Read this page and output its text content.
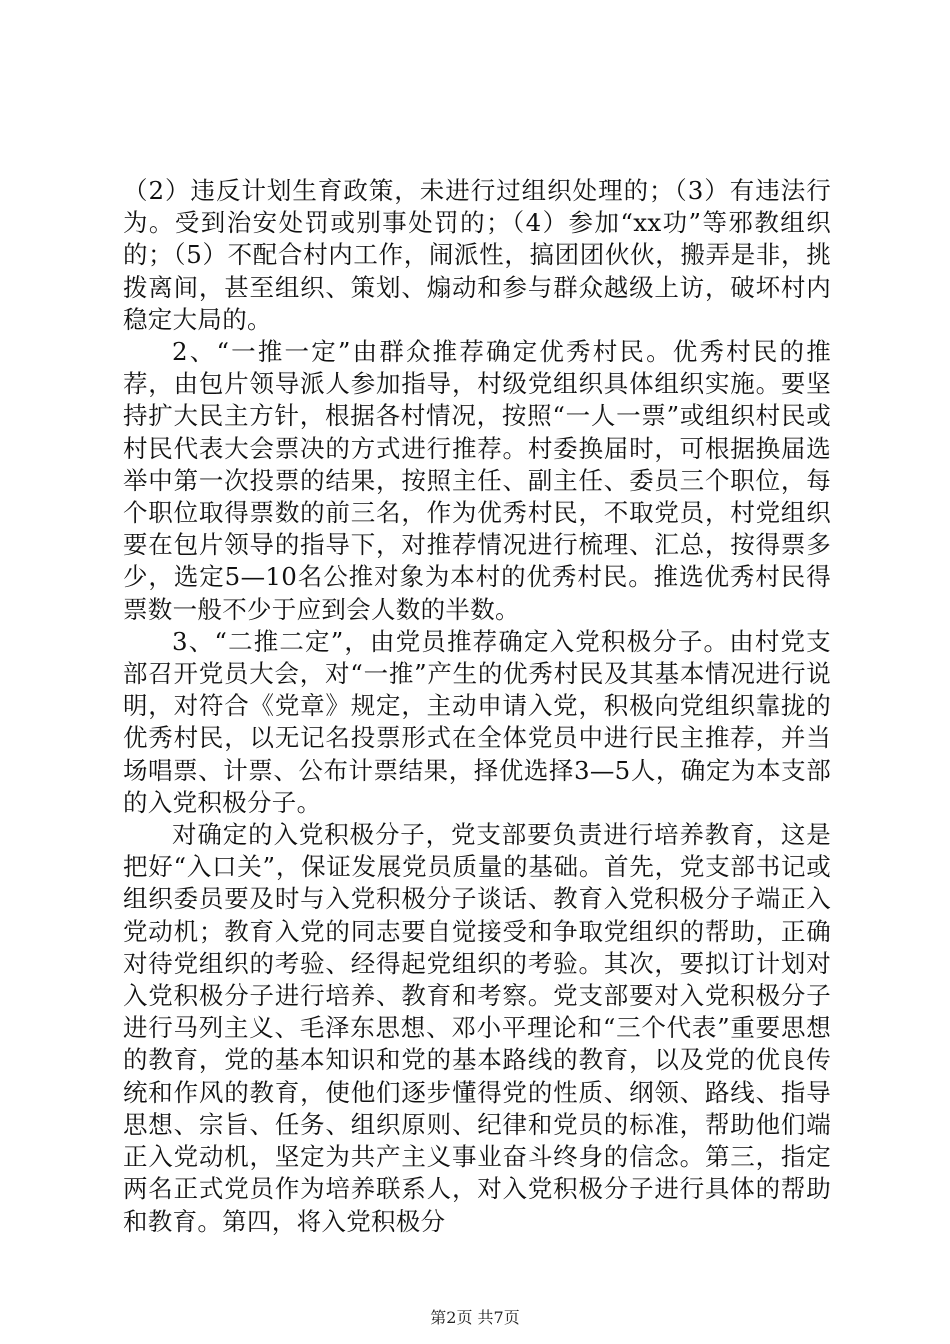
（2）违反计划生育政策，未进行过组织处理的；（3）有违法行为。受到治安处罚或别事处罚的；（4）参加“xx功”等邪教组织的；（5）不配合村内工作，闹派性，搞团团伙伙，搬弄是非，挑拨离间，甚至组织、策划、煽动和参与群众越级上访，破坏村内稳定大局的。

2、“一推一定”由群众推荐确定优秀村民。优秀村民的推荐，由包片领导派人参加指导，村级党组织具体组织实施。要坚持扩大民主方针，根据各村情况，按照“一人一票”或组织村民或村民代表大会票决的方式进行推荐。村委换届时，可根据换届选举中第一次投票的结果，按照主任、副主任、委员三个职位，每个职位取得票数的前三名，作为优秀村民，不取党员，村党组织要在包片领导的指导下，对推荐情况进行梳理、汇总，按得票多少，选定5—10名公推对象为本村的优秀村民。推选优秀村民得票数一般不少于应到会人数的半数。

3、“二推二定”，由党员推荐确定入党积极分子。由村党支部召开党员大会，对“一推”产生的优秀村民及其基本情况进行说明，对符合《党章》规定，主动申请入党，积极向党组织靠拢的优秀村民，以无记名投票形式在全体党员中进行民主推荐，并当场唱票、计票、公布计票结果，择优选择3—5人，确定为本支部的入党积极分子。

对确定的入党积极分子，党支部要负责进行培养教育，这是把好“入口关”，保证发展党员质量的基础。首先，党支部书记或组织委员要及时与入党积极分子谈话、教育入党积极分子端正入党动机；教育入党的同志要自觉接受和争取党组织的帮助，正确对待党组织的考验、经得起党组织的考验。其次，要拟订计划对入党积极分子进行培养、教育和考察。党支部要对入党积极分子进行马列主义、毛泽东思想、邓小平理论和“三个代表”重要思想的教育，党的基本知识和党的基本路线的教育，以及党的优良传统和作风的教育，使他们逐步懂得党的性质、纲领、路线、指导思想、宗旨、任务、组织原则、纪律和党员的标准，帮助他们端正入党动机，坚定为共产主义事业奋斗终身的信念。第三，指定两名正式党员作为培养联系人，对入党积极分子进行具体的帮助和教育。第四，将入党积极分

第2页 共7页
